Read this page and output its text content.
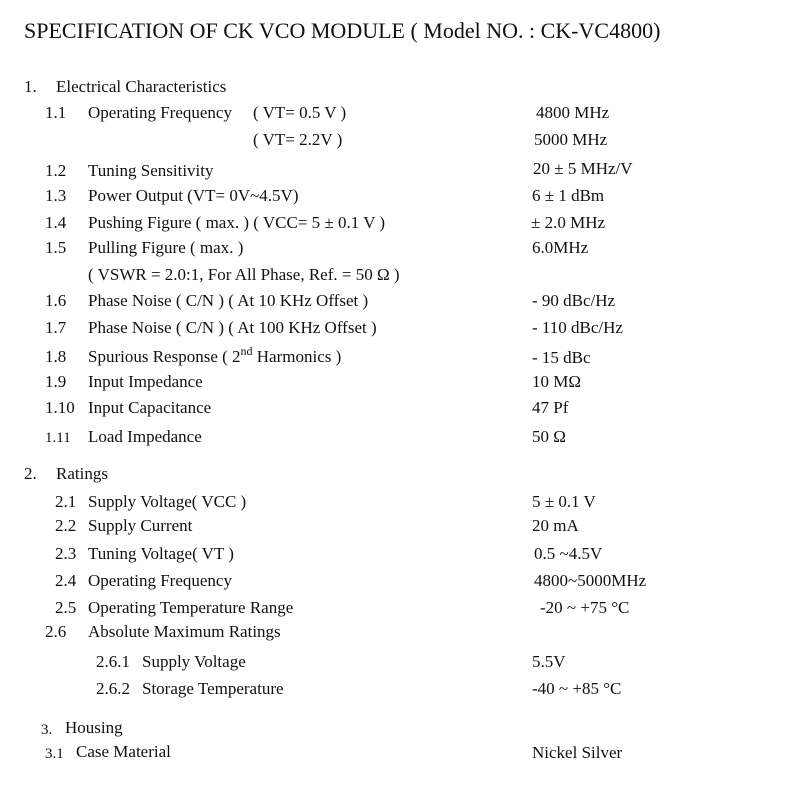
SPECIFICATION OF CK VCO MODULE ( Model NO. : CK-VC4800)
1. Electrical Characteristics
1.1 Operating Frequency ( VT= 0.5 V )	4800 MHz
( VT= 2.2V )	5000 MHz
1.2 Tuning Sensitivity	20 ± 5 MHz/V
1.3 Power Output (VT= 0V~4.5V)	6 ± 1 dBm
1.4 Pushing Figure ( max. ) ( VCC= 5 ± 0.1 V )	± 2.0 MHz
1.5 Pulling Figure ( max. )	6.0MHz
( VSWR = 2.0:1, For All Phase, Ref. = 50 Ω )
1.6 Phase Noise ( C/N ) ( At 10 KHz Offset )	- 90 dBc/Hz
1.7 Phase Noise ( C/N ) ( At 100 KHz Offset )	- 110 dBc/Hz
1.8 Spurious Response ( 2nd Harmonics )	- 15 dBc
1.9 Input Impedance	10 MΩ
1.10 Input Capacitance	47 Pf
1.11 Load Impedance	50 Ω
2. Ratings
2.1 Supply Voltage( VCC )	5 ± 0.1 V
2.2 Supply Current	20 mA
2.3 Tuning Voltage( VT )	0.5 ~4.5V
2.4 Operating Frequency	4800~5000MHz
2.5 Operating Temperature Range	-20 ~ +75 °C
2.6 Absolute Maximum Ratings
2.6.1 Supply Voltage	5.5V
2.6.2 Storage Temperature	-40 ~ +85 °C
3. Housing
3.1 Case Material	Nickel Silver
